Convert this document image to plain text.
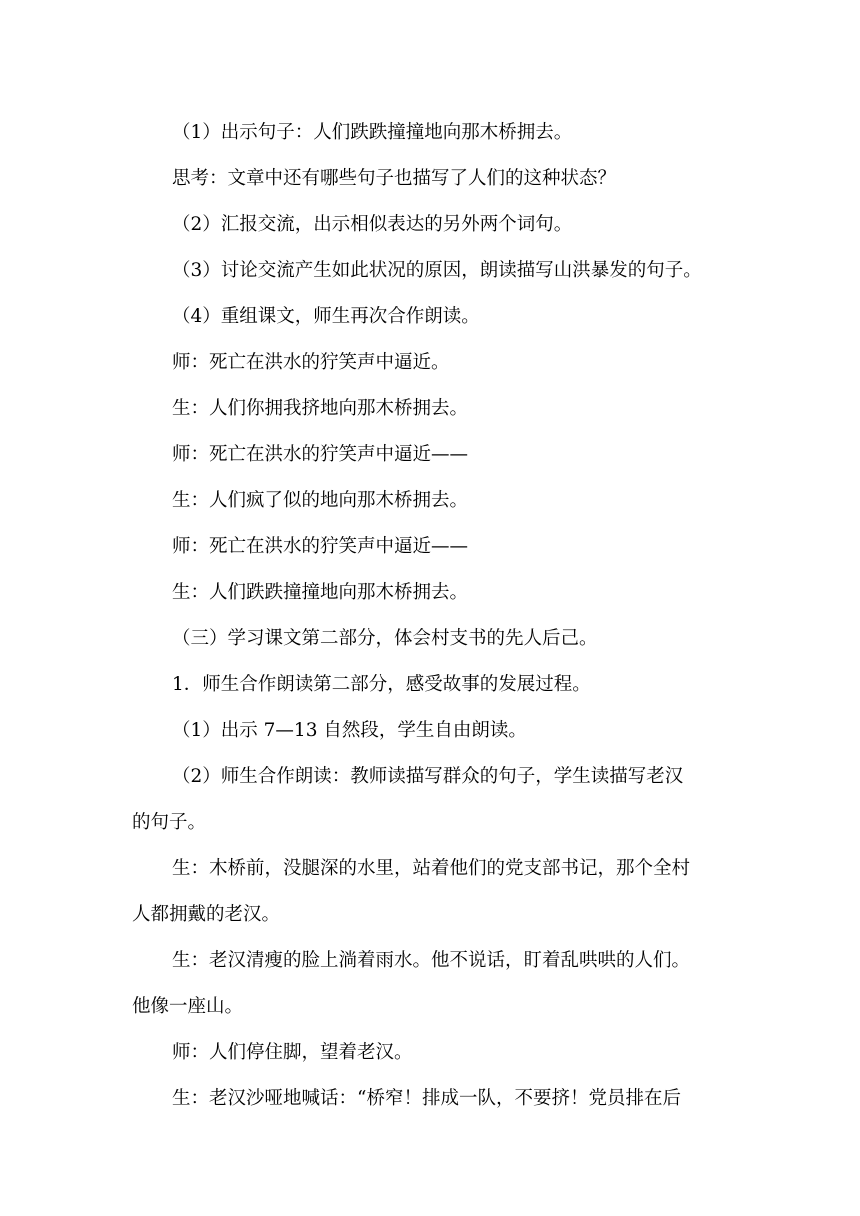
（1）出示句子：人们跌跌撞撞地向那木桥拥去。

思考：文章中还有哪些句子也描写了人们的这种状态？

（2）汇报交流，出示相似表达的另外两个词句。

（3）讨论交流产生如此状况的原因，朗读描写山洪暴发的句子。

（4）重组课文，师生再次合作朗读。

师：死亡在洪水的狞笑声中逼近。

生：人们你拥我挤地向那木桥拥去。

师：死亡在洪水的狞笑声中逼近——

生：人们疯了似的地向那木桥拥去。

师：死亡在洪水的狞笑声中逼近——

生：人们跌跌撞撞地向那木桥拥去。

（三）学习课文第二部分，体会村支书的先人后己。

1．师生合作朗读第二部分，感受故事的发展过程。

（1）出示 7—13 自然段，学生自由朗读。

（2）师生合作朗读：教师读描写群众的句子，学生读描写老汉

的句子。

生：木桥前，没腿深的水里，站着他们的党支部书记，那个全村

人都拥戴的老汉。

生：老汉清瘦的脸上淌着雨水。他不说话，盯着乱哄哄的人们。

他像一座山。

师：人们停住脚，望着老汉。

生：老汉沙哑地喊话：“桥窄！排成一队，不要挤！党员排在后
